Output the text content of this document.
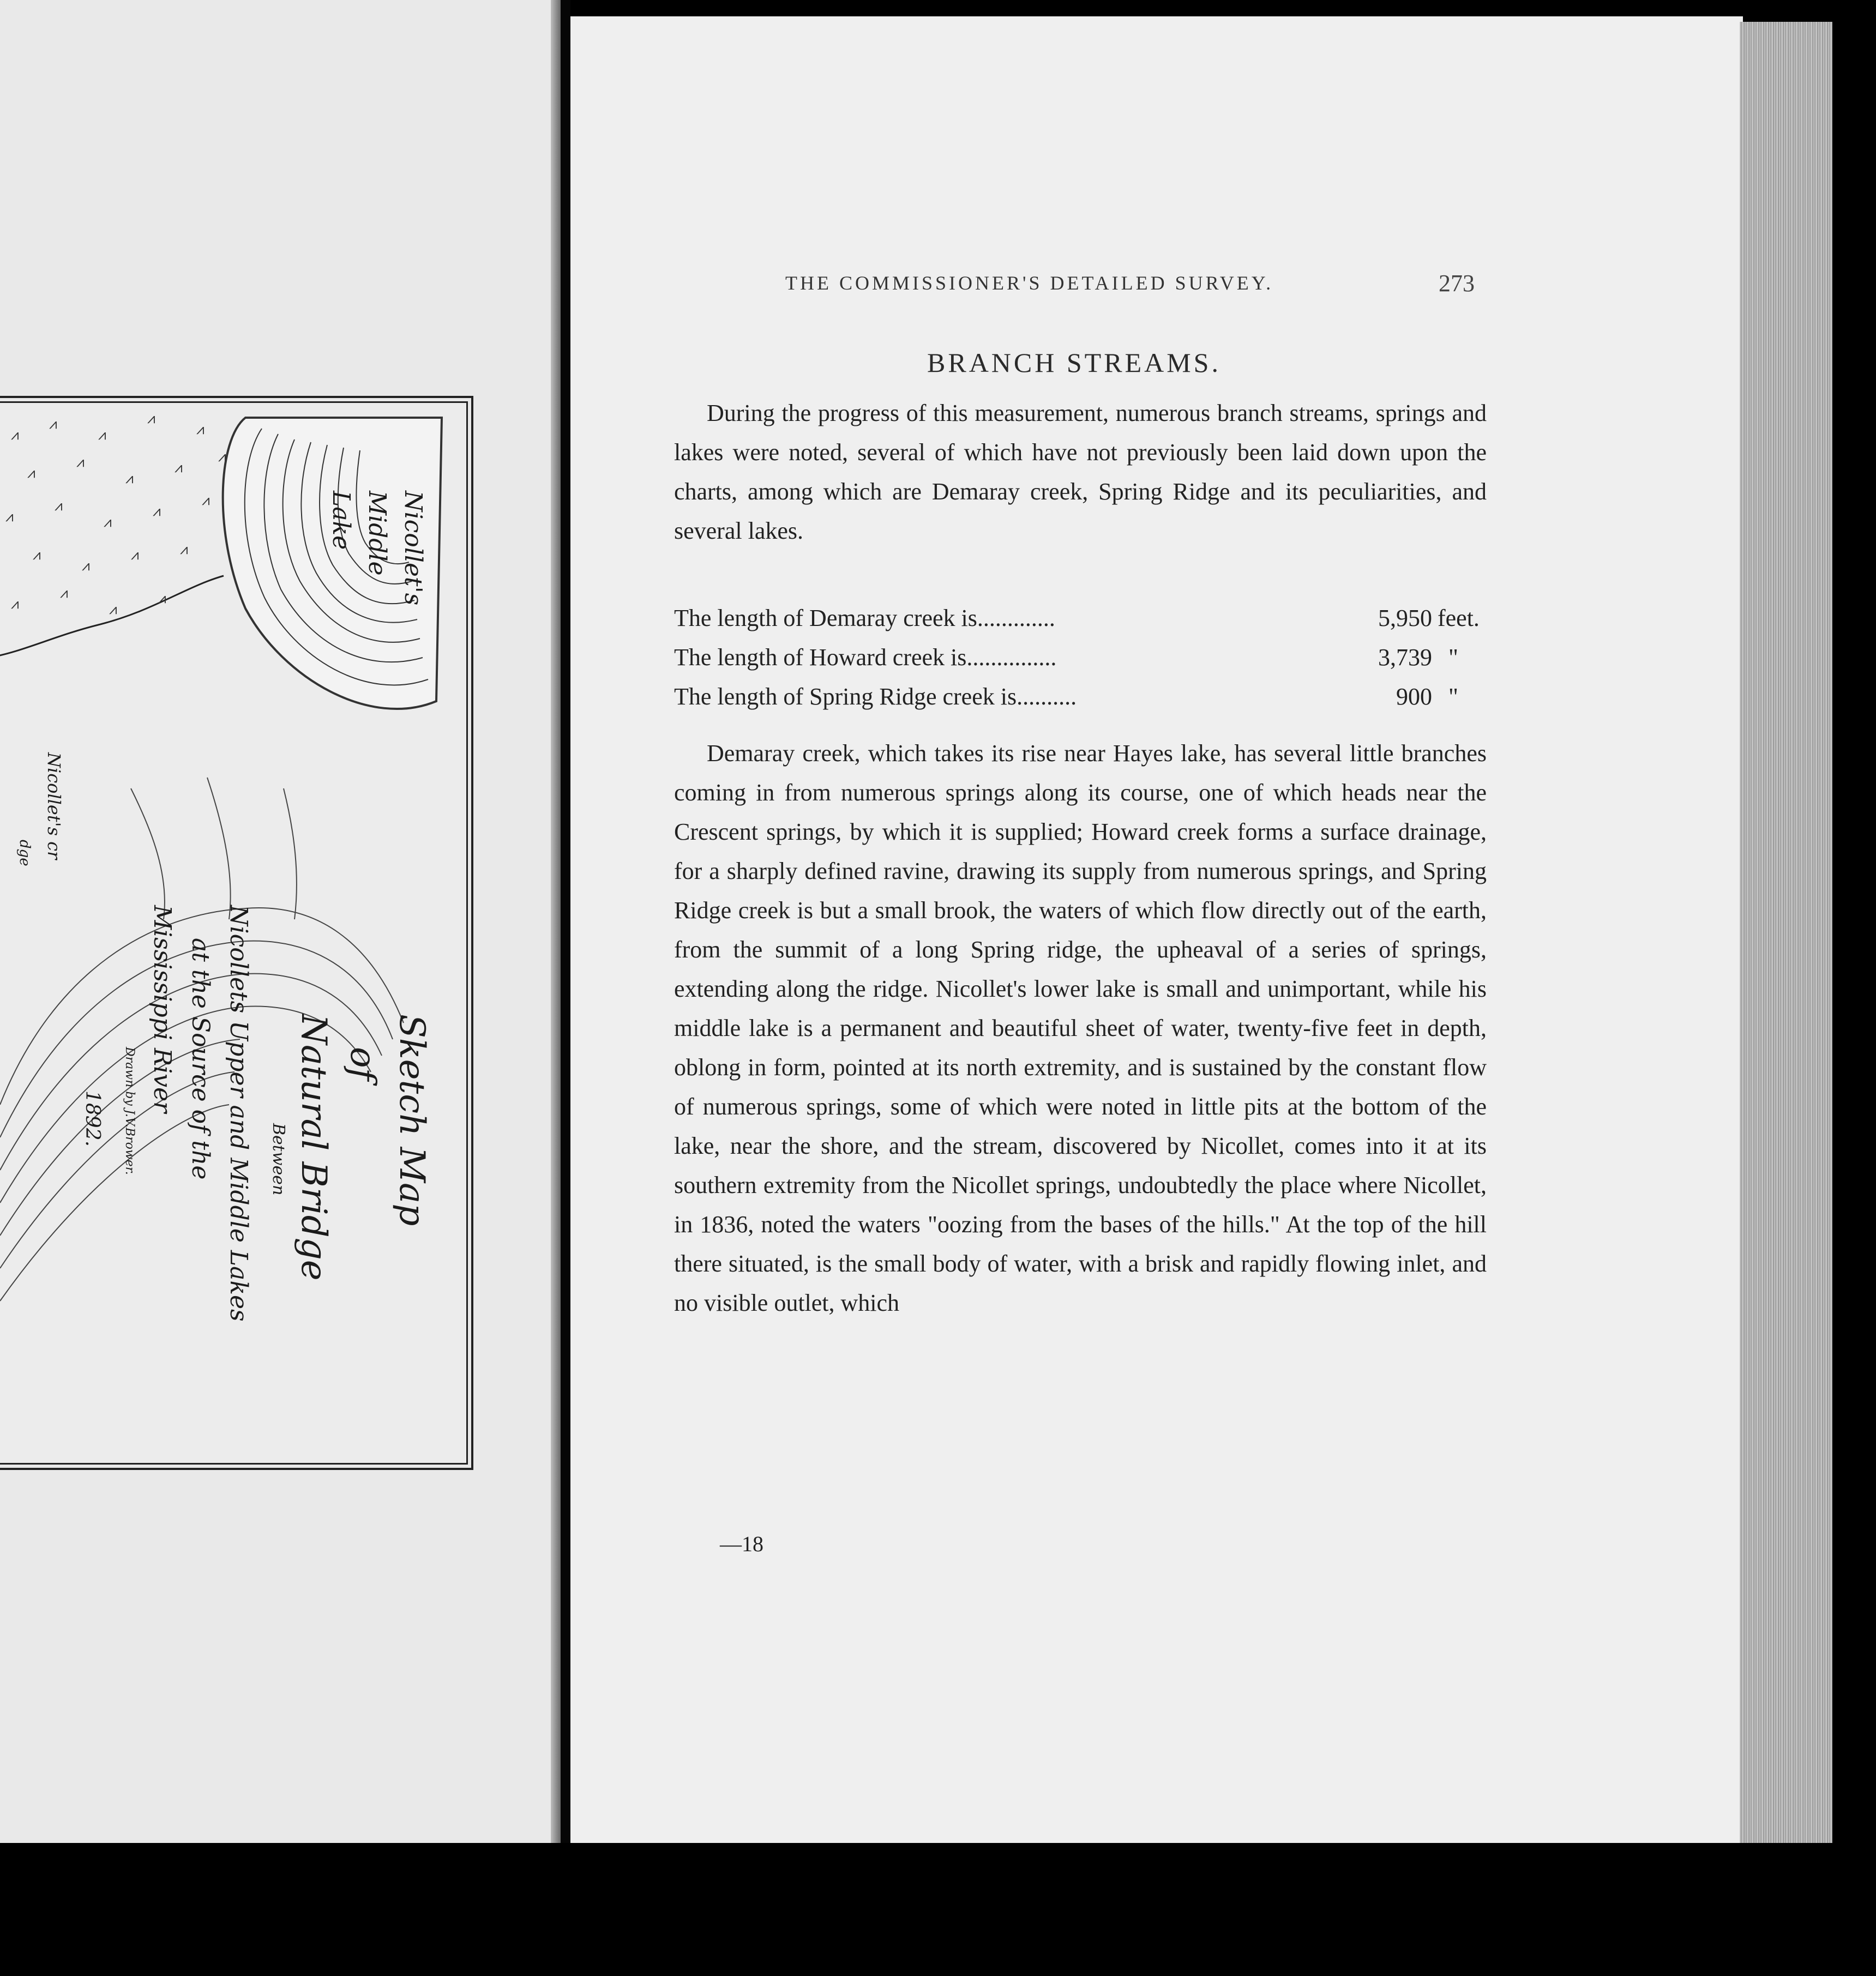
⩘
⩘
⩘
⩘
⩘
⩘
⩘
⩘
⩘
⩘
⩘
⩘
⩘
⩘
⩘
⩘
⩘
⩘	⩘
⩘
⩘
⩘
⩘	Nicollet's
Middle
Lake
Nicollet's cr
dge
Sketch Map
of
Natural Bridge
Between
Nicollets Upper and Middle Lakes
at the Source of the
Mississippi River
Drawn by J.V.Brower.
1892.
THE COMMISSIONER'S DETAILED SURVEY.	273
BRANCH STREAMS.
During the progress of this measurement, numerous branch streams, springs and lakes were noted, several of which have not previously been laid down upon the charts, among which are Demaray creek, Spring Ridge and its peculiarities, and several lakes.
The length of Demaray creek is.............	5,950 feet.
The length of Howard creek is...............	3,739 "
The length of Spring Ridge creek is..........	900 "
Demaray creek, which takes its rise near Hayes lake, has several little branches coming in from numerous springs along its course, one of which heads near the Crescent springs, by which it is supplied; Howard creek forms a surface drainage, for a sharply defined ravine, drawing its supply from numerous springs, and Spring Ridge creek is but a small brook, the waters of which flow directly out of the earth, from the summit of a long Spring ridge, the upheaval of a series of springs, extending along the ridge. Nicollet's lower lake is small and unimportant, while his middle lake is a permanent and beautiful sheet of water, twenty-five feet in depth, oblong in form, pointed at its north extremity, and is sustained by the constant flow of numerous springs, some of which were noted in little pits at the bottom of the lake, near the shore, and the stream, discovered by Nicollet, comes into it at its southern extremity from the Nicollet springs, undoubtedly the place where Nicollet, in 1836, noted the waters "oozing from the bases of the hills." At the top of the hill there situated, is the small body of water, with a brisk and rapidly flowing inlet, and no visible outlet, which
—18
